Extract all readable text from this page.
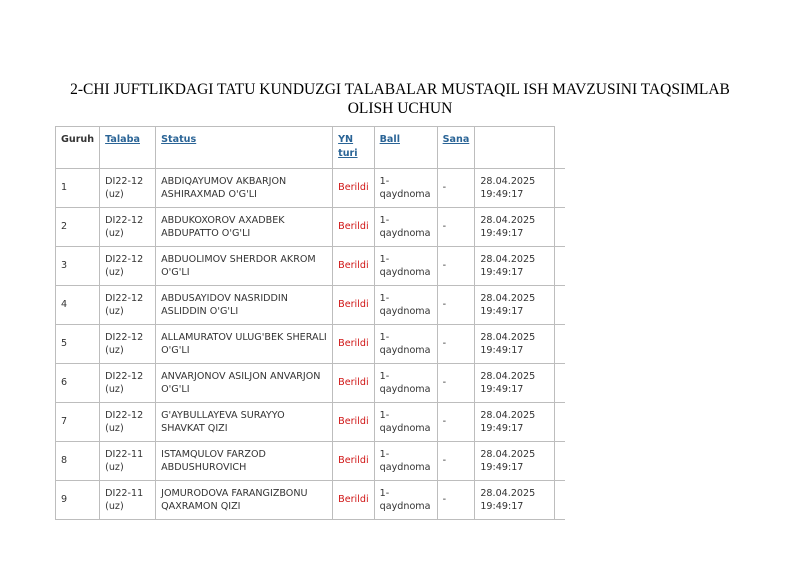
2-CHI JUFTLIKDAGI TATU KUNDUZGI TALABALAR MUSTAQIL ISH MAVZUSINI TAQSIMLAB OLISH UCHUN
Guruh	Talaba	Status	YN turi	Ball	Sana		
1	DI22-12 (uz)	ABDIQAYUMOV AKBARJON ASHIRAXMAD O'G'LI	Berildi	1-qaydnoma	-	28.04.2025 19:49:17	
2	DI22-12 (uz)	ABDUKOXOROV AXADBEK ABDUPATTO O'G'LI	Berildi	1-qaydnoma	-	28.04.2025 19:49:17	
3	DI22-12 (uz)	ABDUOLIMOV SHERDOR AKROM O'G'LI	Berildi	1-qaydnoma	-	28.04.2025 19:49:17	
4	DI22-12 (uz)	ABDUSAYIDOV NASRIDDIN ASLIDDIN O'G'LI	Berildi	1-qaydnoma	-	28.04.2025 19:49:17	
5	DI22-12 (uz)	ALLAMURATOV ULUG'BEK SHERALI O'G'LI	Berildi	1-qaydnoma	-	28.04.2025 19:49:17	
6	DI22-12 (uz)	ANVARJONOV ASILJON ANVARJON O'G'LI	Berildi	1-qaydnoma	-	28.04.2025 19:49:17	
7	DI22-12 (uz)	G'AYBULLAYEVA SURAYYO SHAVKAT QIZI	Berildi	1-qaydnoma	-	28.04.2025 19:49:17	
8	DI22-11 (uz)	ISTAMQULOV FARZOD ABDUSHUROVICH	Berildi	1-qaydnoma	-	28.04.2025 19:49:17	
9	DI22-11 (uz)	JOMURODOVA FARANGIZBONU QAXRAMON QIZI	Berildi	1-qaydnoma	-	28.04.2025 19:49:17	
